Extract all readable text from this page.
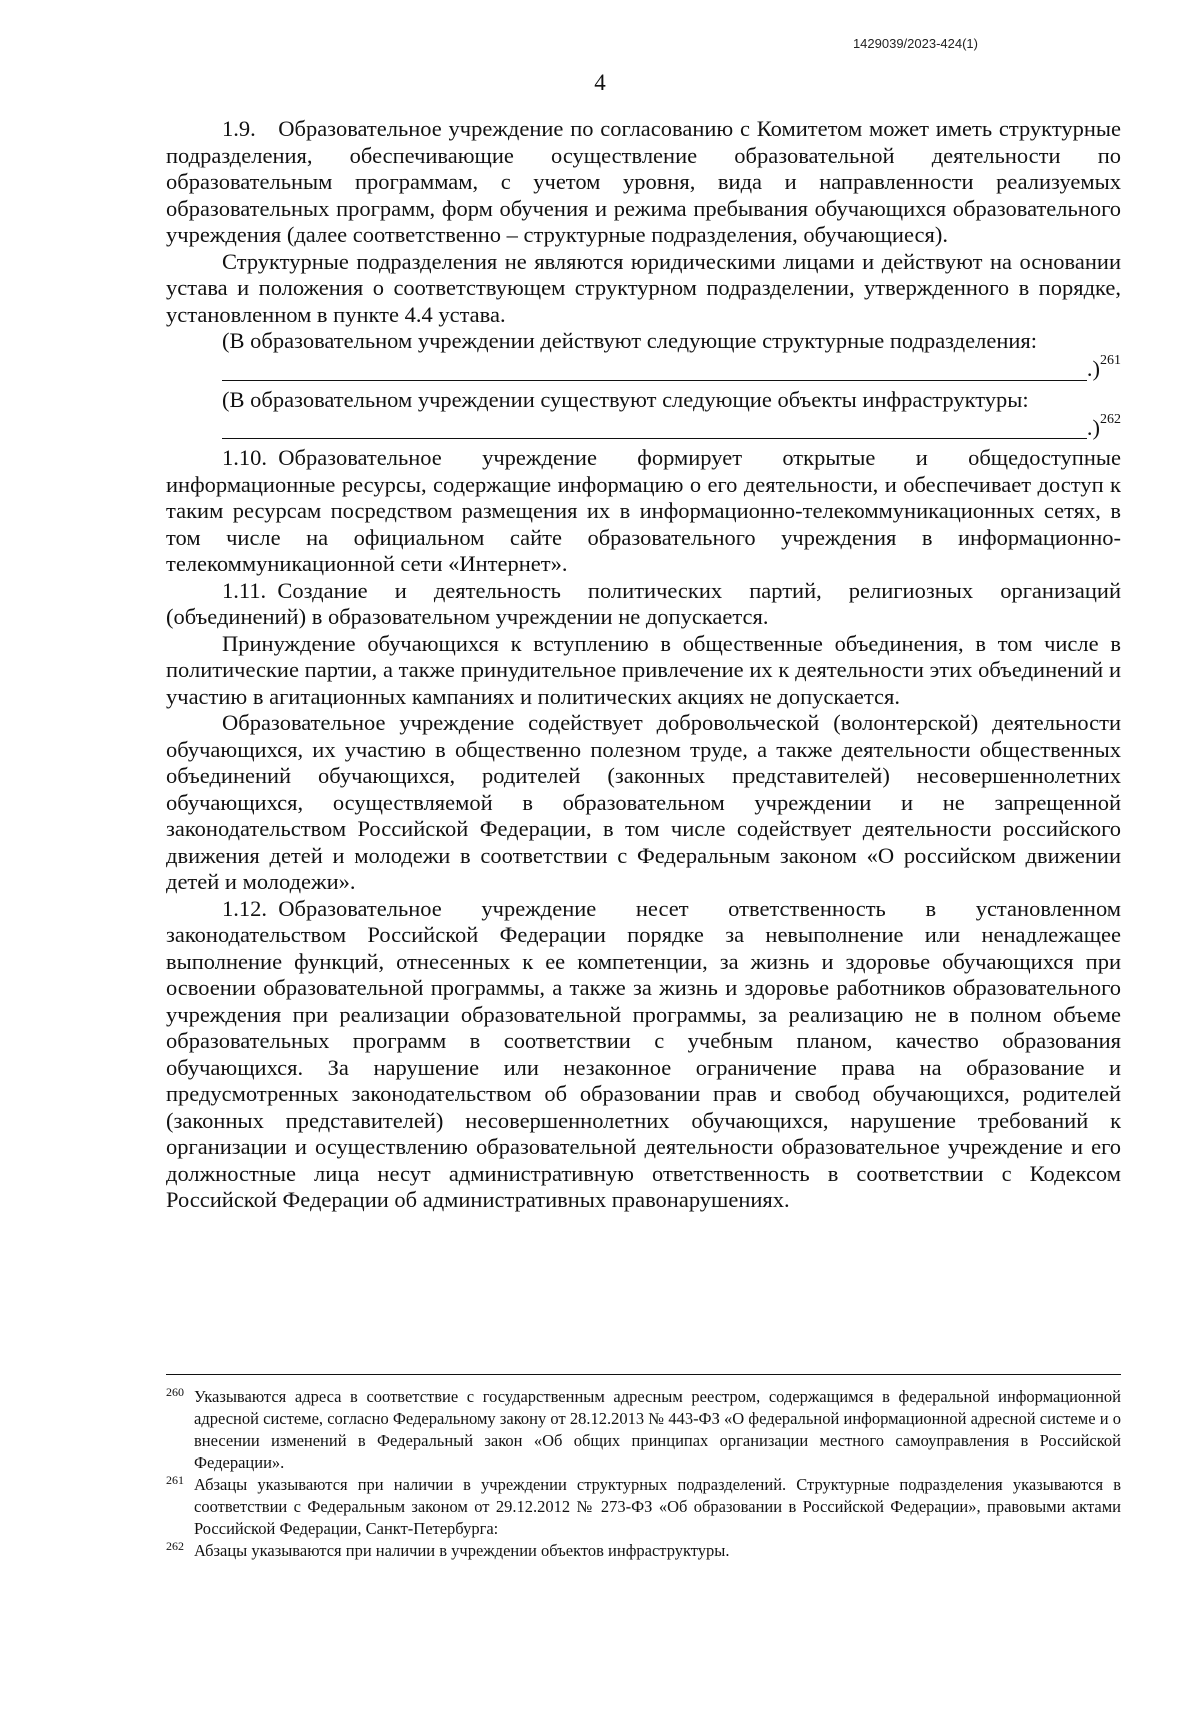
1429039/2023-424(1)
4

1.9. Образовательное учреждение по согласованию с Комитетом может иметь структурные подразделения, обеспечивающие осуществление образовательной деятельности по образовательным программам, с учетом уровня, вида и направленности реализуемых образовательных программ, форм обучения и режима пребывания обучающихся образовательного учреждения (далее соответственно – структурные подразделения, обучающиеся).

Структурные подразделения не являются юридическими лицами и действуют на основании устава и положения о соответствующем структурном подразделении, утвержденного в порядке, установленном в пункте 4.4 устава.

(В образовательном учреждении действуют следующие структурные подразделения:

.)$^{261}$

(В образовательном учреждении существуют следующие объекты инфраструктуры:

.)$^{262}$

1.10. Образовательное учреждение формирует открытые и общедоступные информационные ресурсы, содержащие информацию о его деятельности, и обеспечивает доступ к таким ресурсам посредством размещения их в информационно-телекоммуникационных сетях, в том числе на официальном сайте образовательного учреждения в информационно-телекоммуникационной сети «Интернет».

1.11. Создание и деятельность политических партий, религиозных организаций (объединений) в образовательном учреждении не допускается.

Принуждение обучающихся к вступлению в общественные объединения, в том числе в политические партии, а также принудительное привлечение их к деятельности этих объединений и участию в агитационных кампаниях и политических акциях не допускается.

Образовательное учреждение содействует добровольческой (волонтерской) деятельности обучающихся, их участию в общественно полезном труде, а также деятельности общественных объединений обучающихся, родителей (законных представителей) несовершеннолетних обучающихся, осуществляемой в образовательном учреждении и не запрещенной законодательством Российской Федерации, в том числе содействует деятельности российского движения детей и молодежи в соответствии с Федеральным законом «О российском движении детей и молодежи».

1.12. Образовательное учреждение несет ответственность в установленном законодательством Российской Федерации порядке за невыполнение или ненадлежащее выполнение функций, отнесенных к ее компетенции, за жизнь и здоровье обучающихся при освоении образовательной программы, а также за жизнь и здоровье работников образовательного учреждения при реализации образовательной программы, за реализацию не в полном объеме образовательных программ в соответствии с учебным планом, качество образования обучающихся. За нарушение или незаконное ограничение права на образование и предусмотренных законодательством об образовании прав и свобод обучающихся, родителей (законных представителей) несовершеннолетних обучающихся, нарушение требований к организации и осуществлению образовательной деятельности образовательное учреждение и его должностные лица несут административную ответственность в соответствии с Кодексом Российской Федерации об административных правонарушениях.

260 Указываются адреса в соответствие с государственным адресным реестром, содержащимся в федеральной информационной адресной системе, согласно Федеральному закону от 28.12.2013 № 443-ФЗ «О федеральной информационной адресной системе и о внесении изменений в Федеральный закон «Об общих принципах организации местного самоуправления в Российской Федерации».
261 Абзацы указываются при наличии в учреждении структурных подразделений. Структурные подразделения указываются в соответствии с Федеральным законом от 29.12.2012 № 273-ФЗ «Об образовании в Российской Федерации», правовыми актами Российской Федерации, Санкт-Петербурга:
262 Абзацы указываются при наличии в учреждении объектов инфраструктуры.
